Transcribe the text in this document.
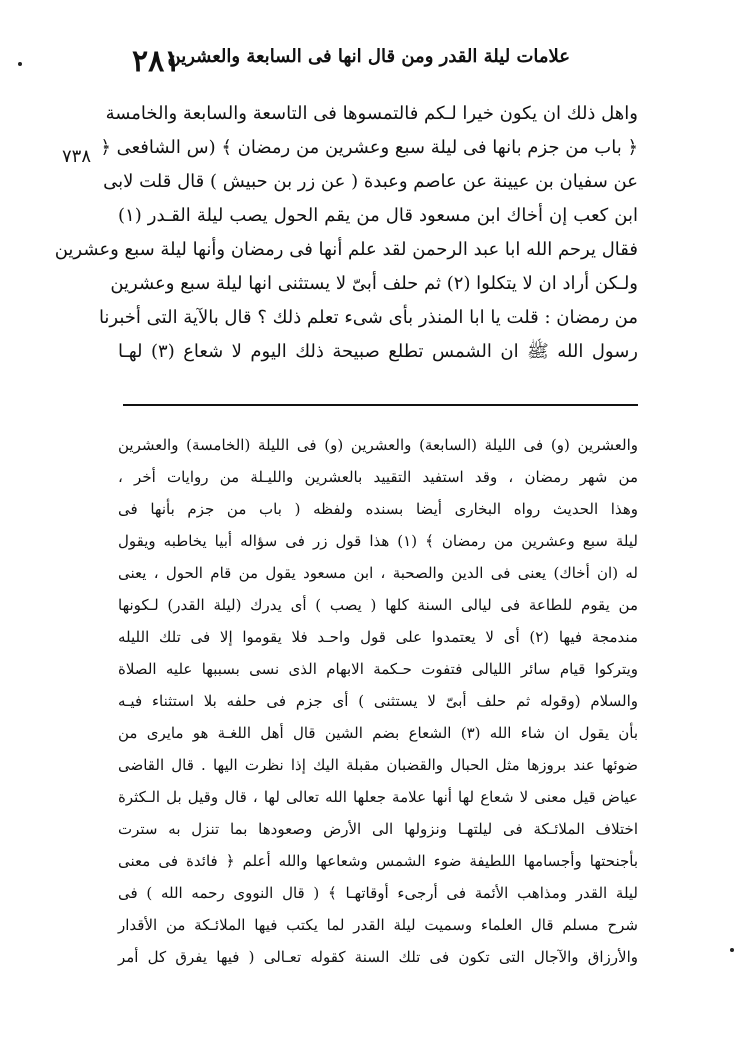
٢٨١
علامات ليلة القدر ومن قال انها فى السابعة والعشرين
٧٣٨
واهل ذلك ان يكون خيرا لـكم فالتمسوها فى التاسعة والسابعة والخامسة
﴿ باب من جزم بانها فى ليلة سبع وعشرين من رمضان ﴾ (س الشافعى ﴿
عن سفيان بن عيينة عن عاصم وعبدة ( عن زر بن حبيش ) قال قلت لابى
ابن كعب إن أخاك ابن مسعود قال من يقم الحول يصب ليلة القـدر (١)
فقال يرحم الله ابا عبد الرحمن لقد علم أنها فى رمضان وأنها ليلة سبع وعشرين
ولـكن أراد ان لا يتكلوا (٢) ثم حلف أبىّ لا يستثنى انها ليلة سبع وعشرين
من رمضان : قلت يا ابا المنذر بأى شىء تعلم ذلك ؟ قال بالآية التى أخبرنا
رسول الله ﷺ ان الشمس تطلع صبيحة ذلك اليوم لا شعاع (٣) لهـا
والعشرين (و) فى الليلة (السابعة) والعشرين (و) فى الليلة (الخامسة) والعشرين
من شهر رمضان ، وقد استفيد التقييد بالعشرين والليـلة من روايات أخر ،
وهذا الحديث رواه البخارى أيضا بسنده ولفظه ( باب من جزم بأنها فى
ليلة سبع وعشرين من رمضان ﴾ (١) هذا قول زر فى سؤاله أبيا يخاطبه ويقول
له (ان أخاك) يعنى فى الدين والصحبة ، ابن مسعود يقول من قام الحول ، يعنى
من يقوم للطاعة فى ليالى السنة كلها ( يصب ) أى يدرك (ليلة القدر) لـكونها
مندمجة فيها (٢) أى لا يعتمدوا على قول واحـد فلا يقوموا إلا فى تلك الليله
ويتركوا قيام سائر الليالى فتفوت حـكمة الابهام الذى نسى بسببها عليه الصلاة
والسلام (وقوله ثم حلف أبىّ لا يستثنى ) أى جزم فى حلفه بلا استثناء فيـه
بأن يقول ان شاء الله (٣) الشعاع بضم الشين قال أهل اللغـة هو مايرى من
ضوئها عند بروزها مثل الحبال والقضبان مقبلة اليك إذا نظرت اليها . قال القاضى
عياض قيل معنى لا شعاع لها أنها علامة جعلها الله تعالى لها ، قال وقيل بل الـكثرة
اختلاف الملائـكة فى ليلتهـا ونزولها الى الأرض وصعودها بما تنزل به سترت
بأجنحتها وأجسامها اللطيفة ضوء الشمس وشعاعها والله أعلم ﴿ فائدة فى معنى
ليلة القدر ومذاهب الأئمة فى أرجىء أوقاتهـا ﴾ ( قال النووى رحمه الله ) فى
شرح مسلم قال العلماء وسميت ليلة القدر لما يكتب فيها الملائـكة من الأقدار
والأرزاق والآجال التى تكون فى تلك السنة كقوله تعـالى ( فيها يفرق كل أمر
